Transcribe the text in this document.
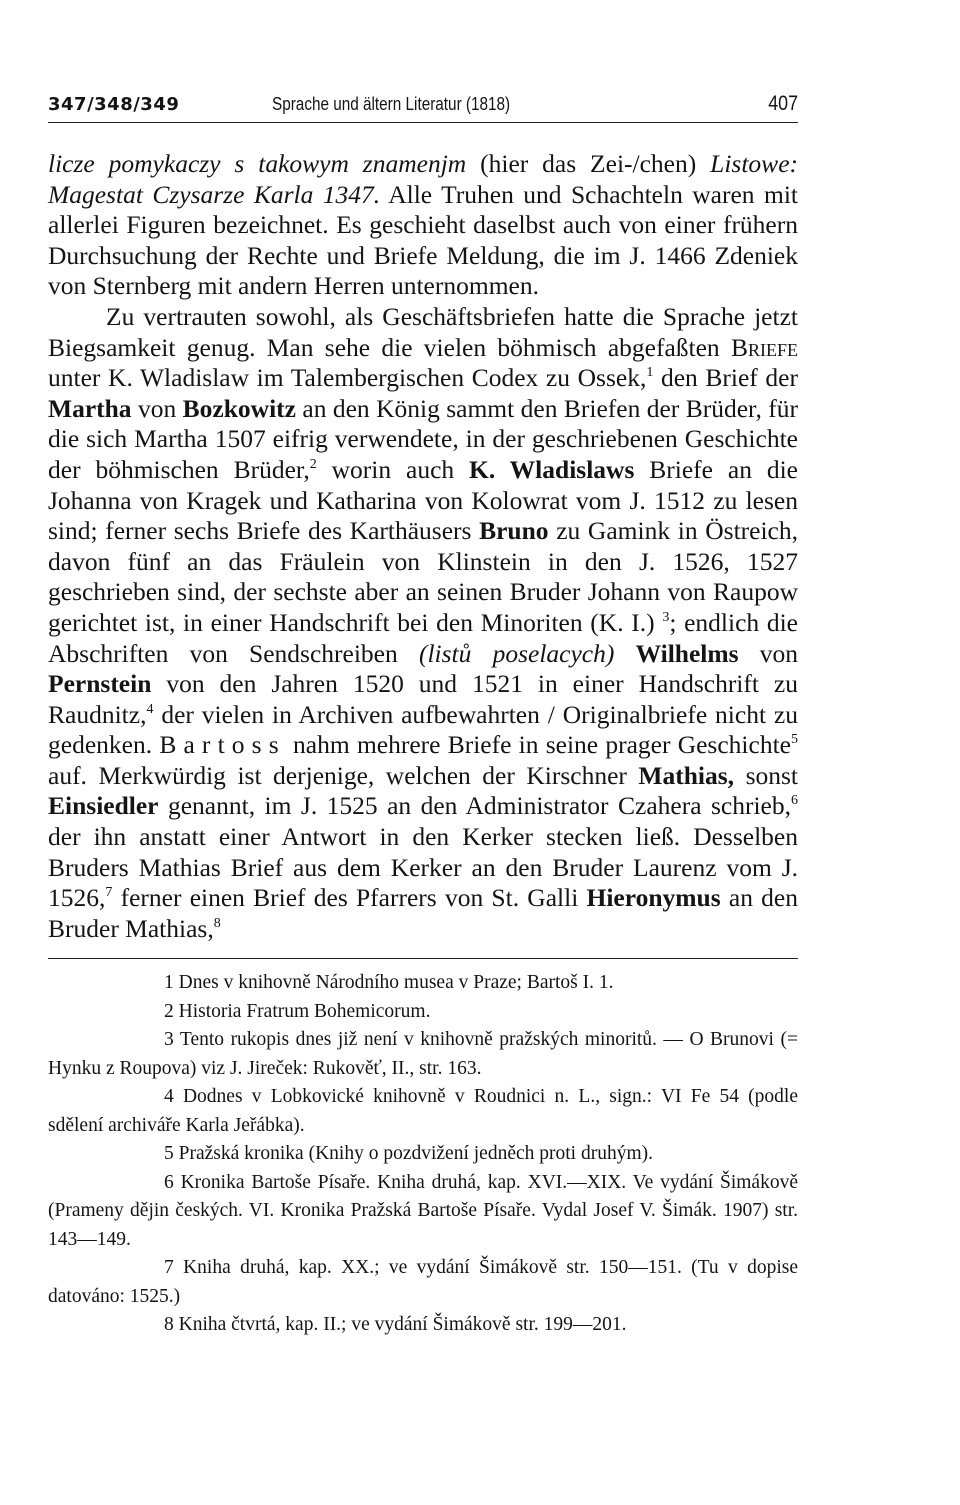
347/348/349	Sprache und ältern Literatur (1818)	407

licze pomykaczy s takowym znamenjm (hier das Zei-/chen) Listowe: Magestat Czysarze Karla 1347. Alle Truhen und Schachteln waren mit allerlei Figuren bezeichnet. Es geschieht daselbst auch von einer frühern Durchsuchung der Rechte und Briefe Meldung, die im J. 1466 Zdeniek von Sternberg mit andern Herren unternommen.

Zu vertrauten sowohl, als Geschäftsbriefen hatte die Sprache jetzt Biegsamkeit genug. Man sehe die vielen böhmisch abgefaßten Briefe unter K. Wladislaw im Talembergischen Codex zu Ossek,$^1$ den Brief der Martha von Bozkowitz an den König sammt den Briefen der Brüder, für die sich Martha 1507 eifrig verwendete, in der geschriebenen Geschichte der böhmischen Brüder,$^2$ worin auch K. Wladislaws Briefe an die Johanna von Kragek und Katharina von Kolowrat vom J. 1512 zu lesen sind; ferner sechs Briefe des Karthäusers Bruno zu Gamink in Östreich, davon fünf an das Fräulein von Klinstein in den J. 1526, 1527 geschrieben sind, der sechste aber an seinen Bruder Johann von Raupow gerichtet ist, in einer Handschrift bei den Minoriten (K. I.) $^3$; endlich die Abschriften von Sendschreiben (listů poselacych) Wilhelms von Pernstein von den Jahren 1520 und 1521 in einer Handschrift zu Raudnitz,$^4$ der vielen in Archiven aufbewahrten / Originalbriefe nicht zu gedenken. Bartoss nahm mehrere Briefe in seine prager Geschichte$^5$ auf. Merkwürdig ist derjenige, welchen der Kirschner Mathias, sonst Einsiedler genannt, im J. 1525 an den Administrator Czahera schrieb,$^6$ der ihn anstatt einer Antwort in den Kerker stecken ließ. Desselben Bruders Mathias Brief aus dem Kerker an den Bruder Laurenz vom J. 1526,$^7$ ferner einen Brief des Pfarrers von St. Galli Hieronymus an den Bruder Mathias,$^8$

1 Dnes v knihovně Národního musea v Praze; Bartoš I. 1.

2 Historia Fratrum Bohemicorum.

3 Tento rukopis dnes již není v knihovně pražských minoritů. — O Brunovi (= Hynku z Roupova) viz J. Jireček: Rukověť, II., str. 163.

4 Dodnes v Lobkovické knihovně v Roudnici n. L., sign.: VI Fe 54 (podle sdělení archiváře Karla Jeřábka).

5 Pražská kronika (Knihy o pozdvižení jedněch proti druhým).

6 Kronika Bartoše Písaře. Kniha druhá, kap. XVI.—XIX. Ve vydání Šimákově (Prameny dějin českých. VI. Kronika Pražská Bartoše Písaře. Vydal Josef V. Šimák. 1907) str. 143—149.

7 Kniha druhá, kap. XX.; ve vydání Šimákově str. 150—151. (Tu v dopise datováno: 1525.)

8 Kniha čtvrtá, kap. II.; ve vydání Šimákově str. 199—201.
